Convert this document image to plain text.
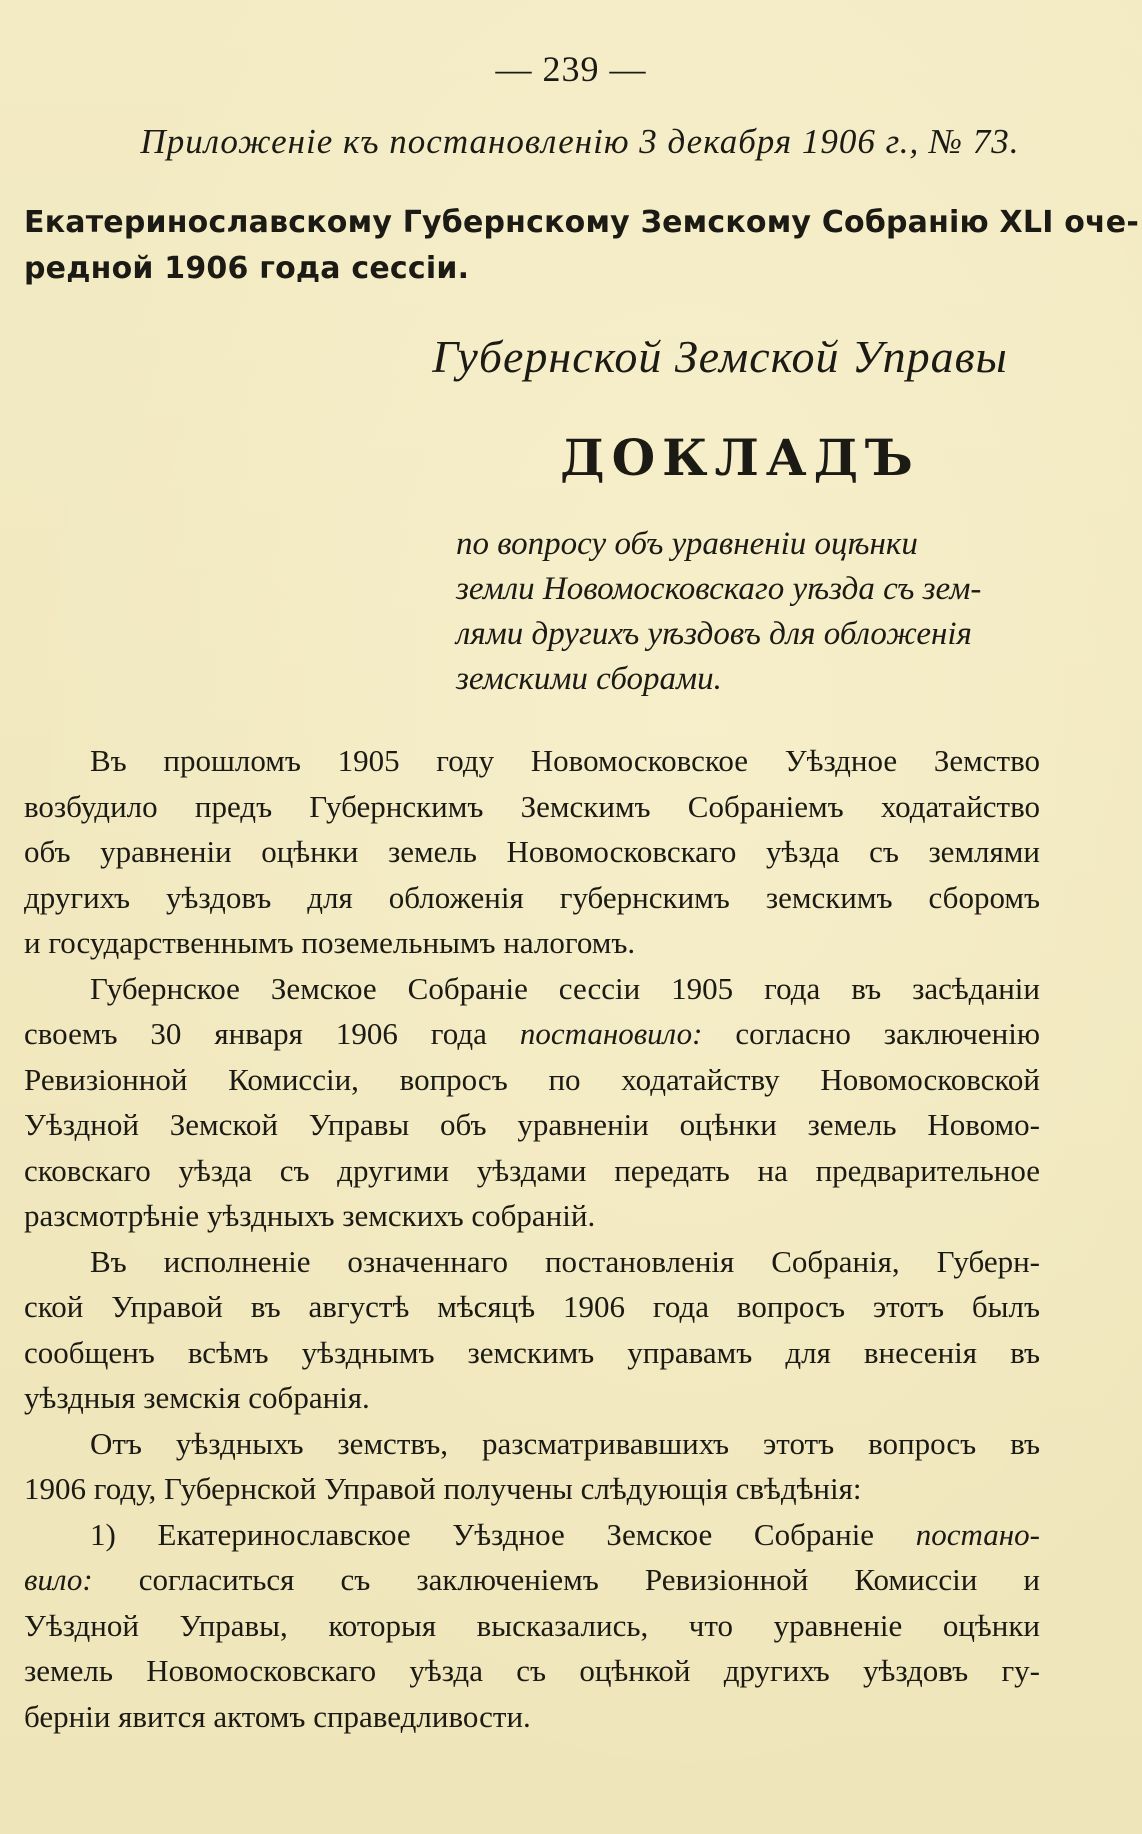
— 239 —
Приложеніе къ постановленію 3 декабря 1906 г., № 73.
Екатеринославскому Губернскому Земскому Собранію XLI оче-
редной 1906 года сессіи.
Губернской Земской Управы
ДОКЛАДЪ
по вопросу объ уравненіи оцѣнки
земли Новомосковскаго уѣзда съ зем-
лями другихъ уѣздовъ для обложенія
земскими сборами.
Въ прошломъ 1905 году Новомосковское Уѣздное Земство
возбудило предъ Губернскимъ Земскимъ Собраніемъ ходатайство
объ уравненіи оцѣнки земель Новомосковскаго уѣзда съ землями
другихъ уѣздовъ для обложенія губернскимъ земскимъ сборомъ
и государственнымъ поземельнымъ налогомъ.
Губернское Земское Собраніе сессіи 1905 года въ засѣданіи
своемъ 30 января 1906 года постановило: согласно заключенію
Ревизіонной Комиссіи, вопросъ по ходатайству Новомосковской
Уѣздной Земской Управы объ уравненіи оцѣнки земель Новомо-
сковскаго уѣзда съ другими уѣздами передать на предварительное
разсмотрѣніе уѣздныхъ земскихъ собраній.
Въ исполненіе означеннаго постановленія Собранія, Губерн-
ской Управой въ августѣ мѣсяцѣ 1906 года вопросъ этотъ былъ
сообщенъ всѣмъ уѣзднымъ земскимъ управамъ для внесенія въ
уѣздныя земскія собранія.
Отъ уѣздныхъ земствъ, разсматривавшихъ этотъ вопросъ въ
1906 году, Губернской Управой получены слѣдующія свѣдѣнія:
1) Екатеринославское Уѣздное Земское Собраніе постано-
вило: согласиться съ заключеніемъ Ревизіонной Комиссіи и
Уѣздной Управы, которыя высказались, что уравненіе оцѣнки
земель Новомосковскаго уѣзда съ оцѣнкой другихъ уѣздовъ гу-
берніи явится актомъ справедливости.
